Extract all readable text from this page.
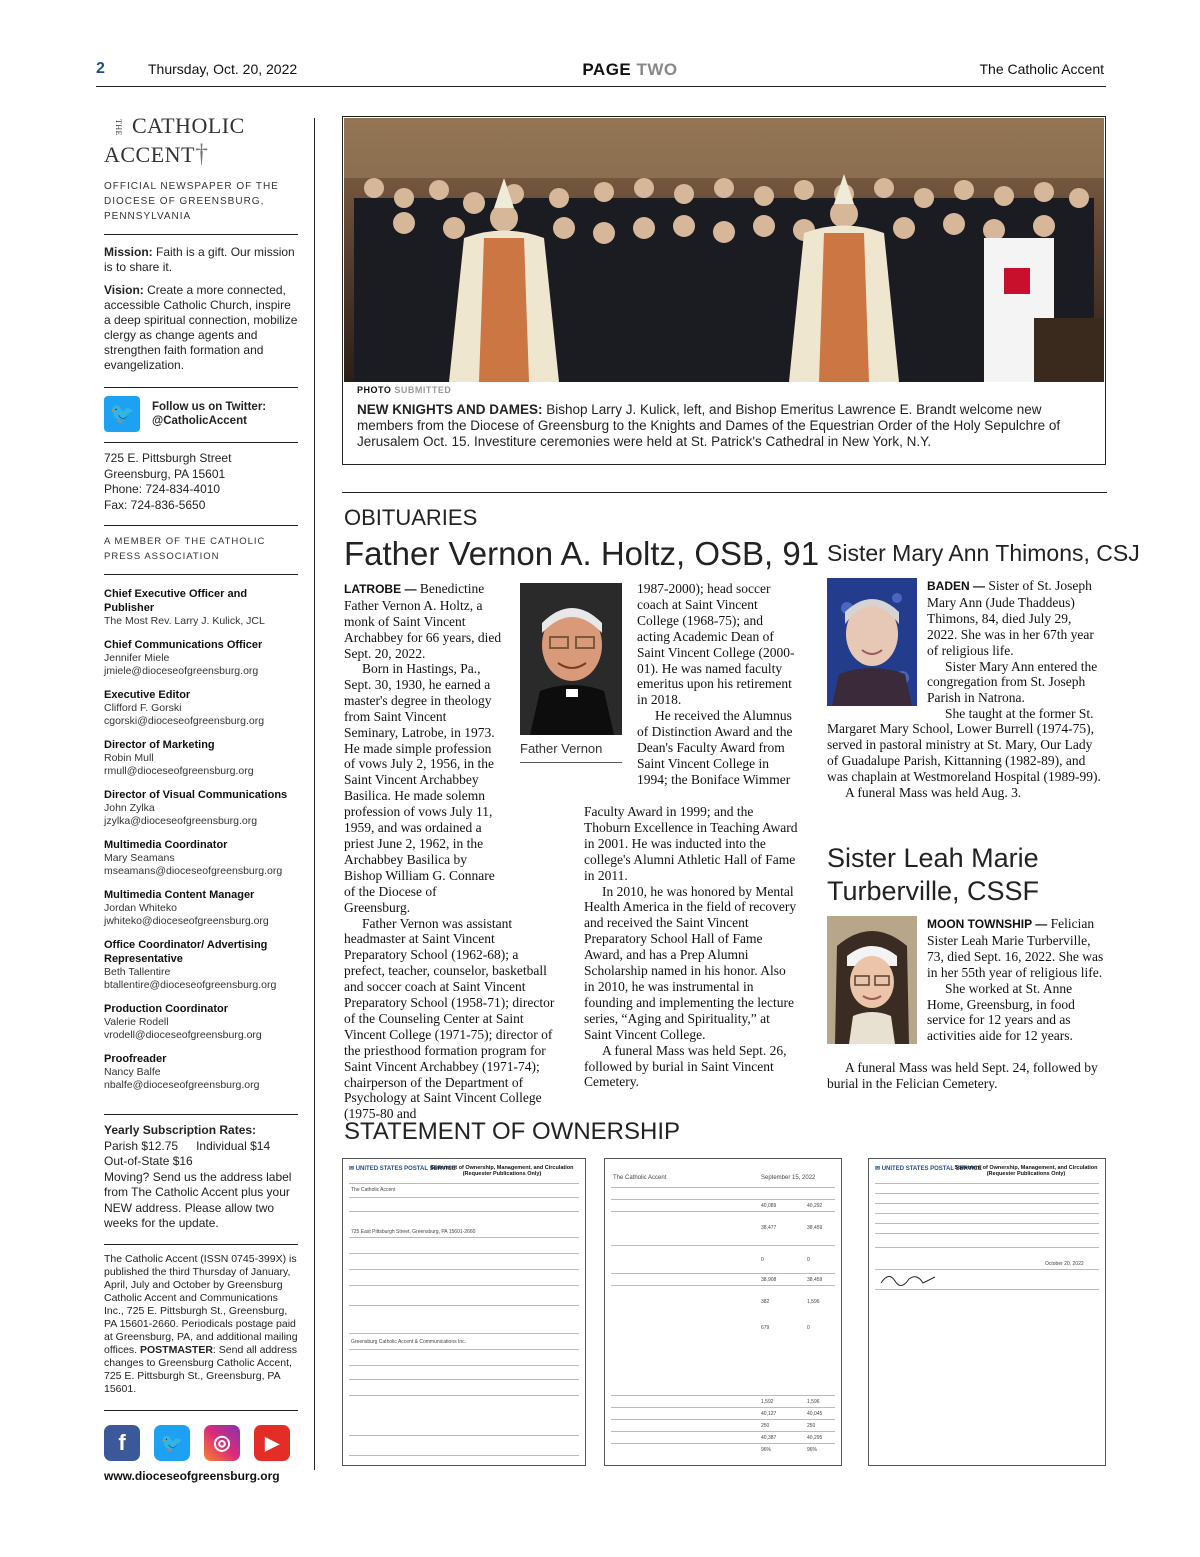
2	Thursday, Oct. 20, 2022	PAGE TWO	The Catholic Accent
THE CATHOLIC ACCENT†
OFFICIAL NEWSPAPER OF THE DIOCESE OF GREENSBURG, PENNSYLVANIA
Mission: Faith is a gift. Our mission is to share it.
Vision: Create a more connected, accessible Catholic Church, inspire a deep spiritual connection, mobilize clergy as change agents and strengthen faith formation and evangelization.
🐦	Follow us on Twitter:
@CatholicAccent
725 E. Pittsburgh Street
Greensburg, PA 15601
Phone: 724-834-4010
Fax: 724-836-5650
A MEMBER OF THE CATHOLIC PRESS ASSOCIATION
Chief Executive Officer and Publisher
The Most Rev. Larry J. Kulick, JCL
Chief Communications Officer
Jennifer Miele
jmiele@dioceseofgreensburg.org
Executive Editor
Clifford F. Gorski
cgorski@dioceseofgreensburg.org
Director of Marketing
Robin Mull
rmull@dioceseofgreensburg.org
Director of Visual Communications
John Zylka
jzylka@dioceseofgreensburg.org
Multimedia Coordinator
Mary Seamans
mseamans@dioceseofgreensburg.org
Multimedia Content Manager
Jordan Whiteko
jwhiteko@dioceseofgreensburg.org
Office Coordinator/ Advertising Representative
Beth Tallentire
btallentire@dioceseofgreensburg.org
Production Coordinator
Valerie Rodell
vrodell@dioceseofgreensburg.org
Proofreader
Nancy Balfe
nbalfe@dioceseofgreensburg.org
Yearly Subscription Rates:
Parish $12.75 Individual $14
Out-of-State $16
Moving? Send us the address label from The Catholic Accent plus your NEW address. Please allow two weeks for the update.
The Catholic Accent (ISSN 0745-399X) is published the third Thursday of January, April, July and October by Greensburg Catholic Accent and Communications Inc., 725 E. Pittsburgh St., Greensburg, PA 15601-2660. Periodicals postage paid at Greensburg, PA, and additional mailing offices. POSTMASTER: Send all address changes to Greensburg Catholic Accent, 725 E. Pittsburgh St., Greensburg, PA 15601.
f	🐦	◎	▶
www.dioceseofgreensburg.org
PHOTO SUBMITTED
NEW KNIGHTS AND DAMES: Bishop Larry J. Kulick, left, and Bishop Emeritus Lawrence E. Brandt welcome new members from the Diocese of Greensburg to the Knights and Dames of the Equestrian Order of the Holy Sepulchre of Jerusalem Oct. 15. Investiture ceremonies were held at St. Patrick's Cathedral in New York, N.Y.
OBITUARIES
Father Vernon A. Holtz, OSB, 91

LATROBE — Benedictine Father Vernon A. Holtz, a monk of Saint Vincent Archabbey for 66 years, died Sept. 20, 2022.

Born in Hastings, Pa., Sept. 30, 1930, he earned a master's degree in theology from Saint Vincent Seminary, Latrobe, in 1973. He made simple profession of vows July 2, 1956, in the Saint Vincent Archabbey Basilica. He made solemn profession of vows July 11, 1959, and was ordained a priest June 2, 1962, in the Archabbey Basilica by Bishop William G. Connare of the Diocese of Greensburg.

Father Vernon was assistant headmaster at Saint Vincent Preparatory School (1962-68); a prefect, teacher, counselor, basketball and soccer coach at Saint Vincent Preparatory School (1958-71); director of the Counseling Center at Saint Vincent College (1971-75); director of the priesthood formation program for Saint Vincent Archabbey (1971-74); chairperson of the Department of Psychology at Saint Vincent College (1975-80 and

Father Vernon

1987-2000); head soccer coach at Saint Vincent College (1968-75); and acting Academic Dean of Saint Vincent College (2000-01). He was named faculty emeritus upon his retirement in 2018.

He received the Alumnus of Distinction Award and the Dean's Faculty Award from Saint Vincent College in 1994; the Boniface Wimmer

Faculty Award in 1999; and the Thoburn Excellence in Teaching Award in 2001. He was inducted into the college's Alumni Athletic Hall of Fame in 2011.

In 2010, he was honored by Mental Health America in the field of recovery and received the Saint Vincent Preparatory School Hall of Fame Award, and has a Prep Alumni Scholarship named in his honor. Also in 2010, he was instrumental in founding and implementing the lecture series, “Aging and Spirituality,” at Saint Vincent College.

A funeral Mass was held Sept. 26, followed by burial in Saint Vincent Cemetery.

Sister Mary Ann Thimons, CSJ

BADEN — Sister of St. Joseph Mary Ann (Jude Thaddeus) Thimons, 84, died July 29, 2022. She was in her 67th year of religious life.

Sister Mary Ann entered the congregation from St. Joseph Parish in Natrona.

She taught at the former St.

Margaret Mary School, Lower Burrell (1974-75), served in pastoral ministry at St. Mary, Our Lady of Guadalupe Parish, Kittanning (1982-89), and was chaplain at Westmoreland Hospital (1989-99).

A funeral Mass was held Aug. 3.

Sister Leah Marie
Turberville, CSSF

MOON TOWNSHIP — Felician Sister Leah Marie Turberville, 73, died Sept. 16, 2022. She was in her 55th year of religious life.

She worked at St. Anne Home, Greensburg, in food service for 12 years and as activities aide for 12 years.

A funeral Mass was held Sept. 24, followed by burial in the Felician Cemetery.

STATEMENT OF OWNERSHIP
✉ UNITED STATES POSTAL SERVICE
Statement of Ownership, Management, and Circulation (Requester Publications Only)
The Catholic Accent
725 East Pittsburgh Street, Greensburg, PA 15601-2660
Greensburg Catholic Accent & Communications Inc.
The Catholic Accent	September 15, 2022
40,089	40,292
38,477	38,459
0	0
38,908	38,459
382	1,596
679	0
1,592	1,596
40,127	40,045
250	250
40,387	40,295
96%	96%
✉ UNITED STATES POSTAL SERVICE
Statement of Ownership, Management, and Circulation (Requester Publications Only)
October 20, 2022
